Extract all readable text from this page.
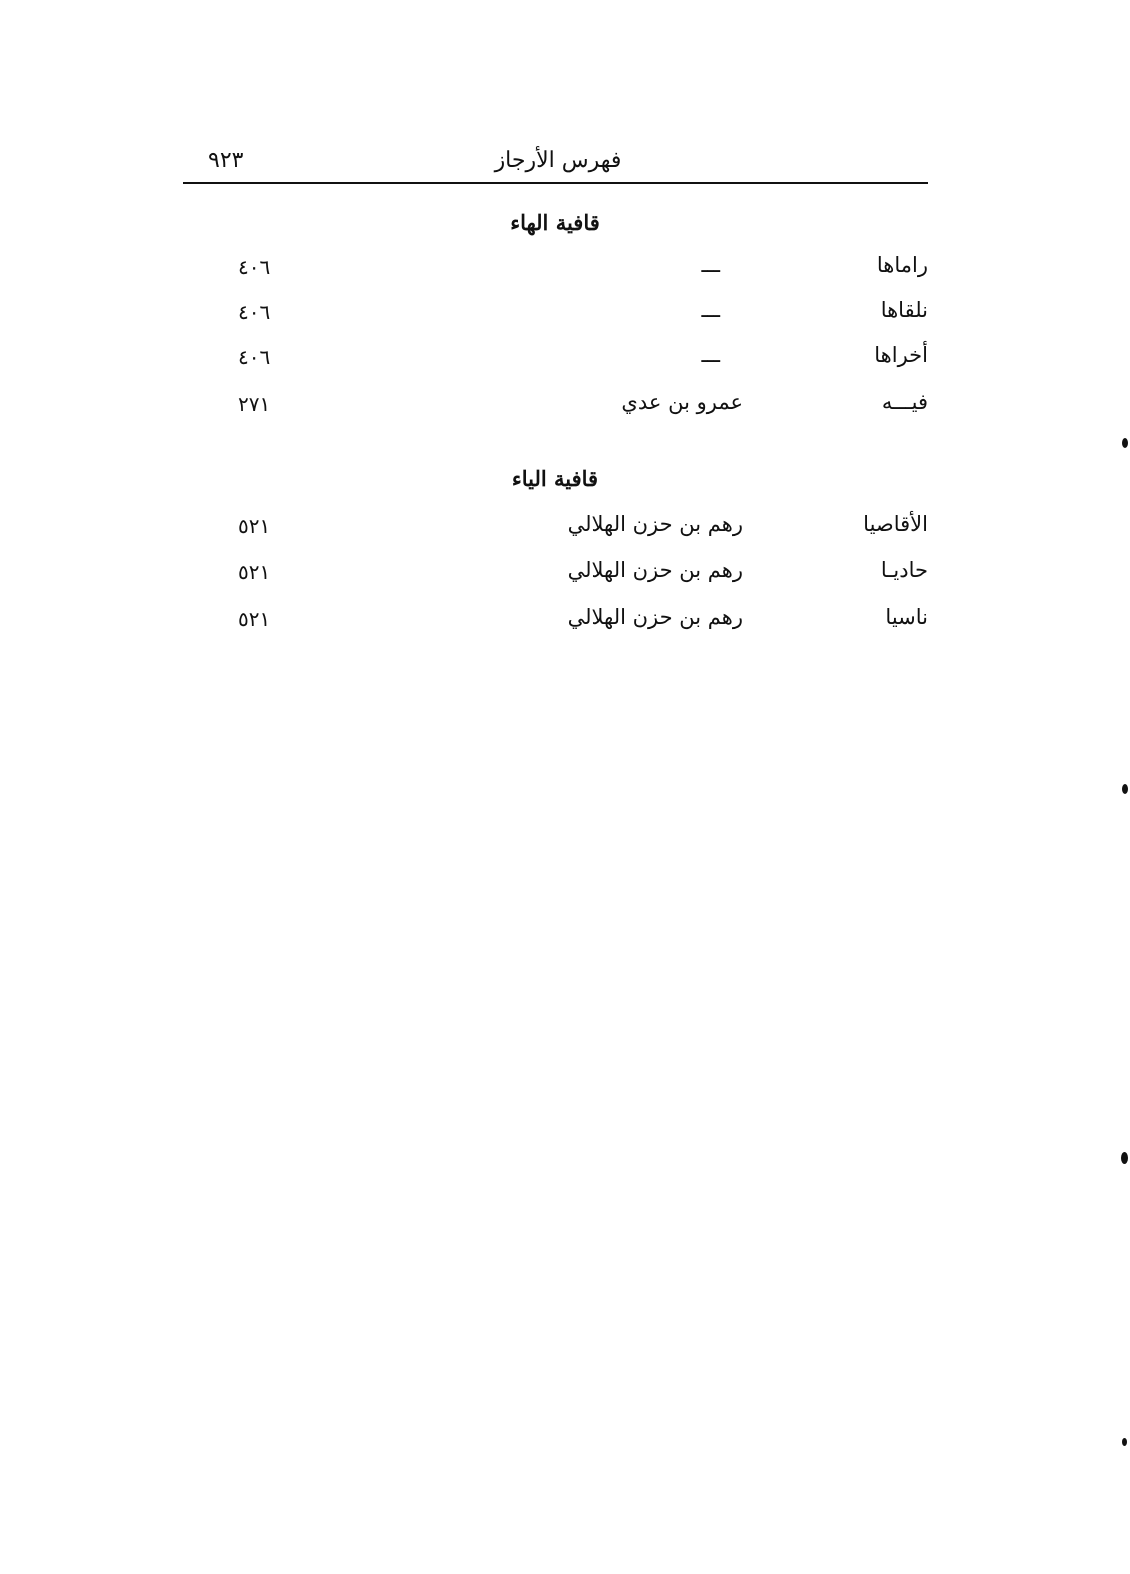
٩٢٣	فهرس الأرجاز
قافية الهاء
راماها
ـــ
٤٠٦
نلقاها
ـــ
٤٠٦
أخراها
ـــ
٤٠٦
فيـــه
عمرو بن عدي
٢٧١
قافية الياء
الأقاصيا
رهم بن حزن الهلالي
٥٢١
حاديـا
رهم بن حزن الهلالي
٥٢١
ناسيا
رهم بن حزن الهلالي
٥٢١
